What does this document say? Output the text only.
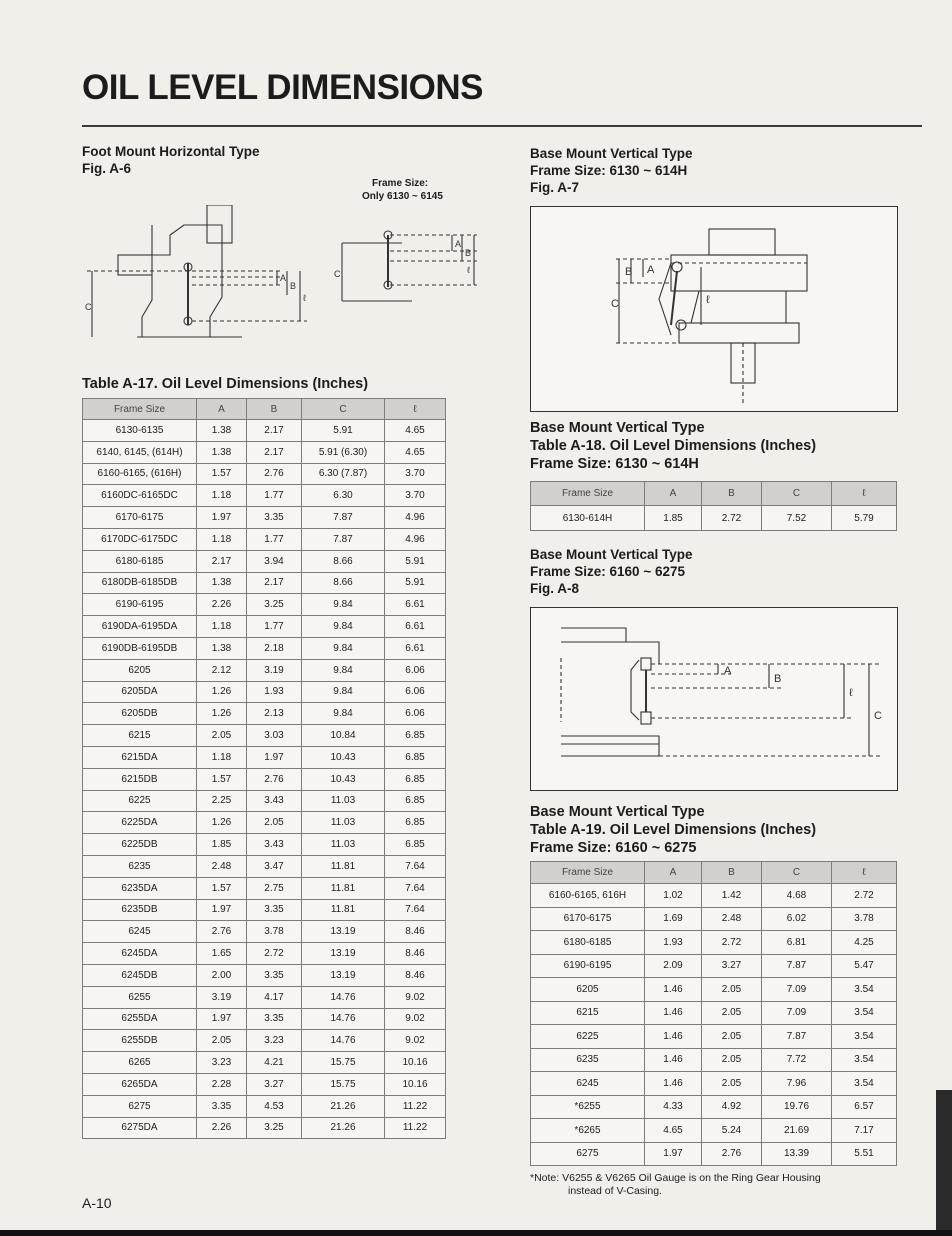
OIL LEVEL DIMENSIONS
Foot Mount Horizontal Type
Fig. A-6
Frame Size:
Only 6130 ~ 6145
C
A
B
ℓ
C
A
B
ℓ
Table A-17. Oil Level Dimensions (Inches)
Frame Size	A	B	C	ℓ
6130-6135	1.38	2.17	5.91	4.65
6140, 6145, (614H)	1.38	2.17	5.91 (6.30)	4.65
6160-6165, (616H)	1.57	2.76	6.30 (7.87)	3.70
6160DC-6165DC	1.18	1.77	6.30	3.70
6170-6175	1.97	3.35	7.87	4.96
6170DC-6175DC	1.18	1.77	7.87	4.96
6180-6185	2.17	3.94	8.66	5.91
6180DB-6185DB	1.38	2.17	8.66	5.91
6190-6195	2.26	3.25	9.84	6.61
6190DA-6195DA	1.18	1.77	9.84	6.61
6190DB-6195DB	1.38	2.18	9.84	6.61
6205	2.12	3.19	9.84	6.06
6205DA	1.26	1.93	9.84	6.06
6205DB	1.26	2.13	9.84	6.06
6215	2.05	3.03	10.84	6.85
6215DA	1.18	1.97	10.43	6.85
6215DB	1.57	2.76	10.43	6.85
6225	2.25	3.43	11.03	6.85
6225DA	1.26	2.05	11.03	6.85
6225DB	1.85	3.43	11.03	6.85
6235	2.48	3.47	11.81	7.64
6235DA	1.57	2.75	11.81	7.64
6235DB	1.97	3.35	11.81	7.64
6245	2.76	3.78	13.19	8.46
6245DA	1.65	2.72	13.19	8.46
6245DB	2.00	3.35	13.19	8.46
6255	3.19	4.17	14.76	9.02
6255DA	1.97	3.35	14.76	9.02
6255DB	2.05	3.23	14.76	9.02
6265	3.23	4.21	15.75	10.16
6265DA	2.28	3.27	15.75	10.16
6275	3.35	4.53	21.26	11.22
6275DA	2.26	3.25	21.26	11.22
Base Mount Vertical Type
Frame Size: 6130 ~ 614H
Fig. A-7
C
B A
ℓ
Base Mount Vertical Type
Table A-18. Oil Level Dimensions (Inches)
Frame Size: 6130 ~ 614H
Frame Size	A	B	C	ℓ
6130-614H	1.85	2.72	7.52	5.79
Base Mount Vertical Type
Frame Size: 6160 ~ 6275
Fig. A-8
A
B
ℓ
C
Base Mount Vertical Type
Table A-19. Oil Level Dimensions (Inches)
Frame Size: 6160 ~ 6275
Frame Size	A	B	C	ℓ
6160-6165, 616H	1.02	1.42	4.68	2.72
6170-6175	1.69	2.48	6.02	3.78
6180-6185	1.93	2.72	6.81	4.25
6190-6195	2.09	3.27	7.87	5.47
6205	1.46	2.05	7.09	3.54
6215	1.46	2.05	7.09	3.54
6225	1.46	2.05	7.87	3.54
6235	1.46	2.05	7.72	3.54
6245	1.46	2.05	7.96	3.54
*6255	4.33	4.92	19.76	6.57
*6265	4.65	5.24	21.69	7.17
6275	1.97	2.76	13.39	5.51
*Note: V6255 & V6265 Oil Gauge is on the Ring Gear Housing
instead of V-Casing.
A-10
